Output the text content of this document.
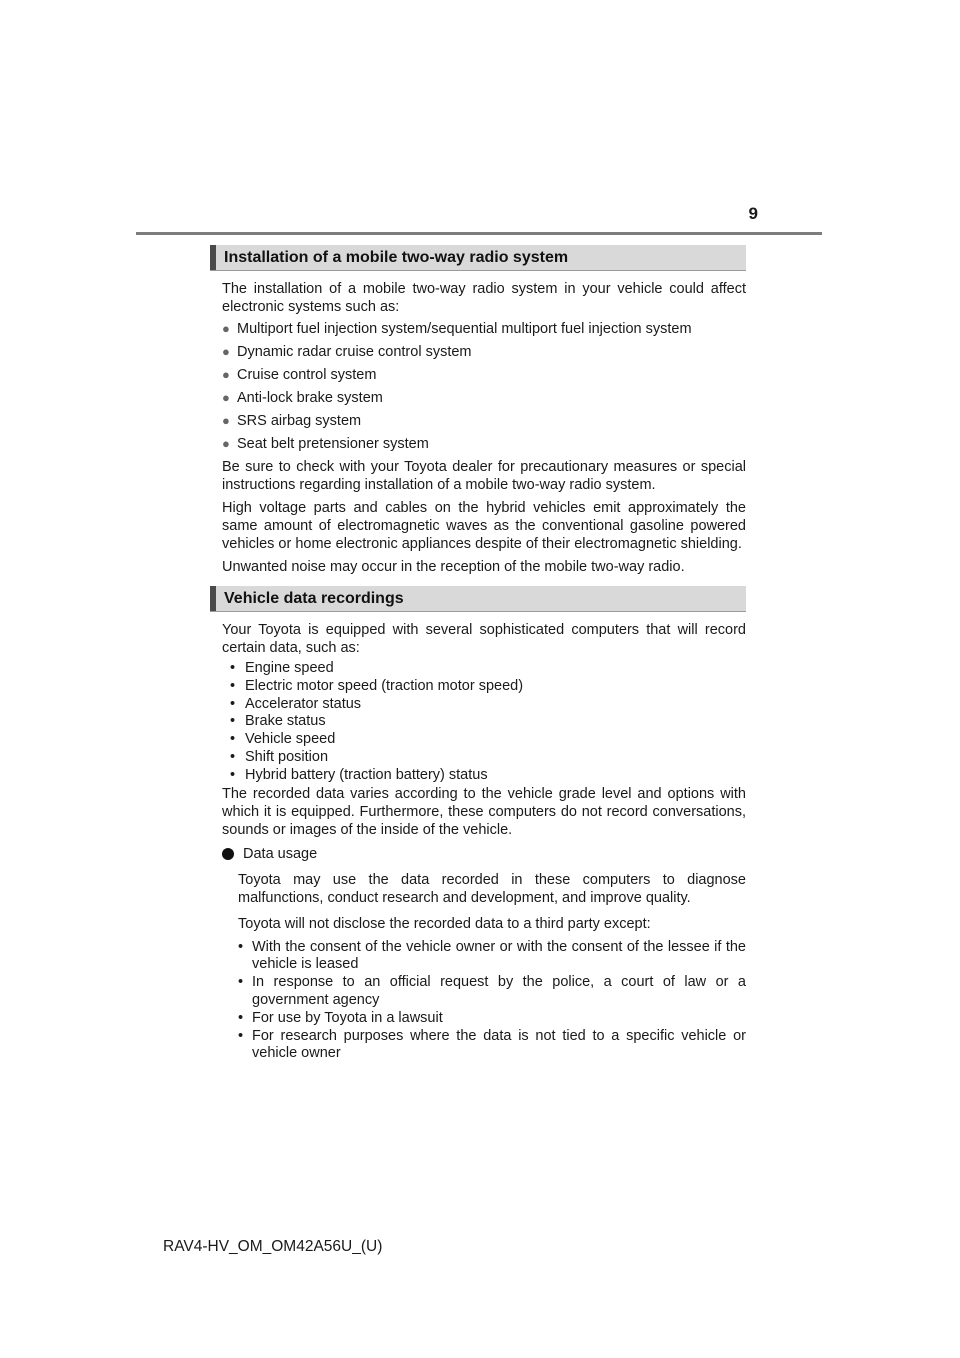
9
Installation of a mobile two-way radio system

The installation of a mobile two-way radio system in your vehicle could affect electronic systems such as:

● Multiport fuel injection system/sequential multiport fuel injection system
● Dynamic radar cruise control system
● Cruise control system
● Anti-lock brake system
● SRS airbag system
● Seat belt pretensioner system

Be sure to check with your Toyota dealer for precautionary measures or special instructions regarding installation of a mobile two-way radio system.

High voltage parts and cables on the hybrid vehicles emit approximately the same amount of electromagnetic waves as the conventional gasoline powered vehicles or home electronic appliances despite of their electromagnetic shielding.

Unwanted noise may occur in the reception of the mobile two-way radio.

Vehicle data recordings

Your Toyota is equipped with several sophisticated computers that will record certain data, such as:

• Engine speed
• Electric motor speed (traction motor speed)
• Accelerator status
• Brake status
• Vehicle speed
• Shift position
• Hybrid battery (traction battery) status

The recorded data varies according to the vehicle grade level and options with which it is equipped. Furthermore, these computers do not record conversations, sounds or images of the inside of the vehicle.

Data usage

Toyota may use the data recorded in these computers to diagnose malfunctions, conduct research and development, and improve quality.

Toyota will not disclose the recorded data to a third party except:

• With the consent of the vehicle owner or with the consent of the lessee if the vehicle is leased
• In response to an official request by the police, a court of law or a government agency
• For use by Toyota in a lawsuit
• For research purposes where the data is not tied to a specific vehicle or vehicle owner
RAV4-HV_OM_OM42A56U_(U)
